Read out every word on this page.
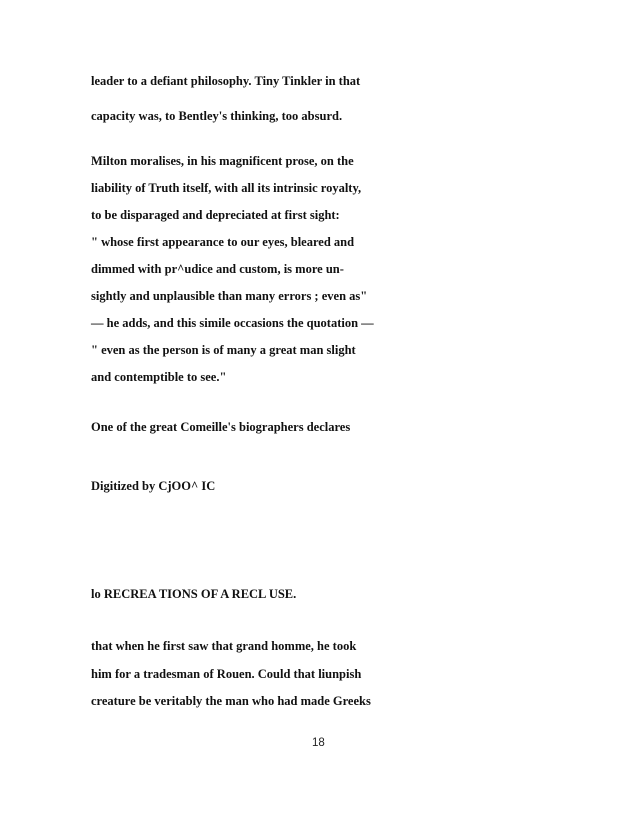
leader to a defiant philosophy. Tiny Tinkler in that
capacity was, to Bentley's thinking, too absurd.
Milton moralises, in his magnificent prose, on the
liability of Truth itself, with all its intrinsic royalty,
to be disparaged and depreciated at first sight:
" whose first appearance to our eyes, bleared and
dimmed with pr^udice and custom, is more un-
sightly and unplausible than many errors ; even as"
— he adds, and this simile occasions the quotation —
" even as the person is of many a great man slight
and contemptible to see."
One of the great Comeille's biographers declares
Digitized by CjOO^ IC
lo RECREA TIONS OF A RECL USE.
that when he first saw that grand homme, he took
him for a tradesman of Rouen. Could that liunpish
creature be veritably the man who had made Greeks
18
